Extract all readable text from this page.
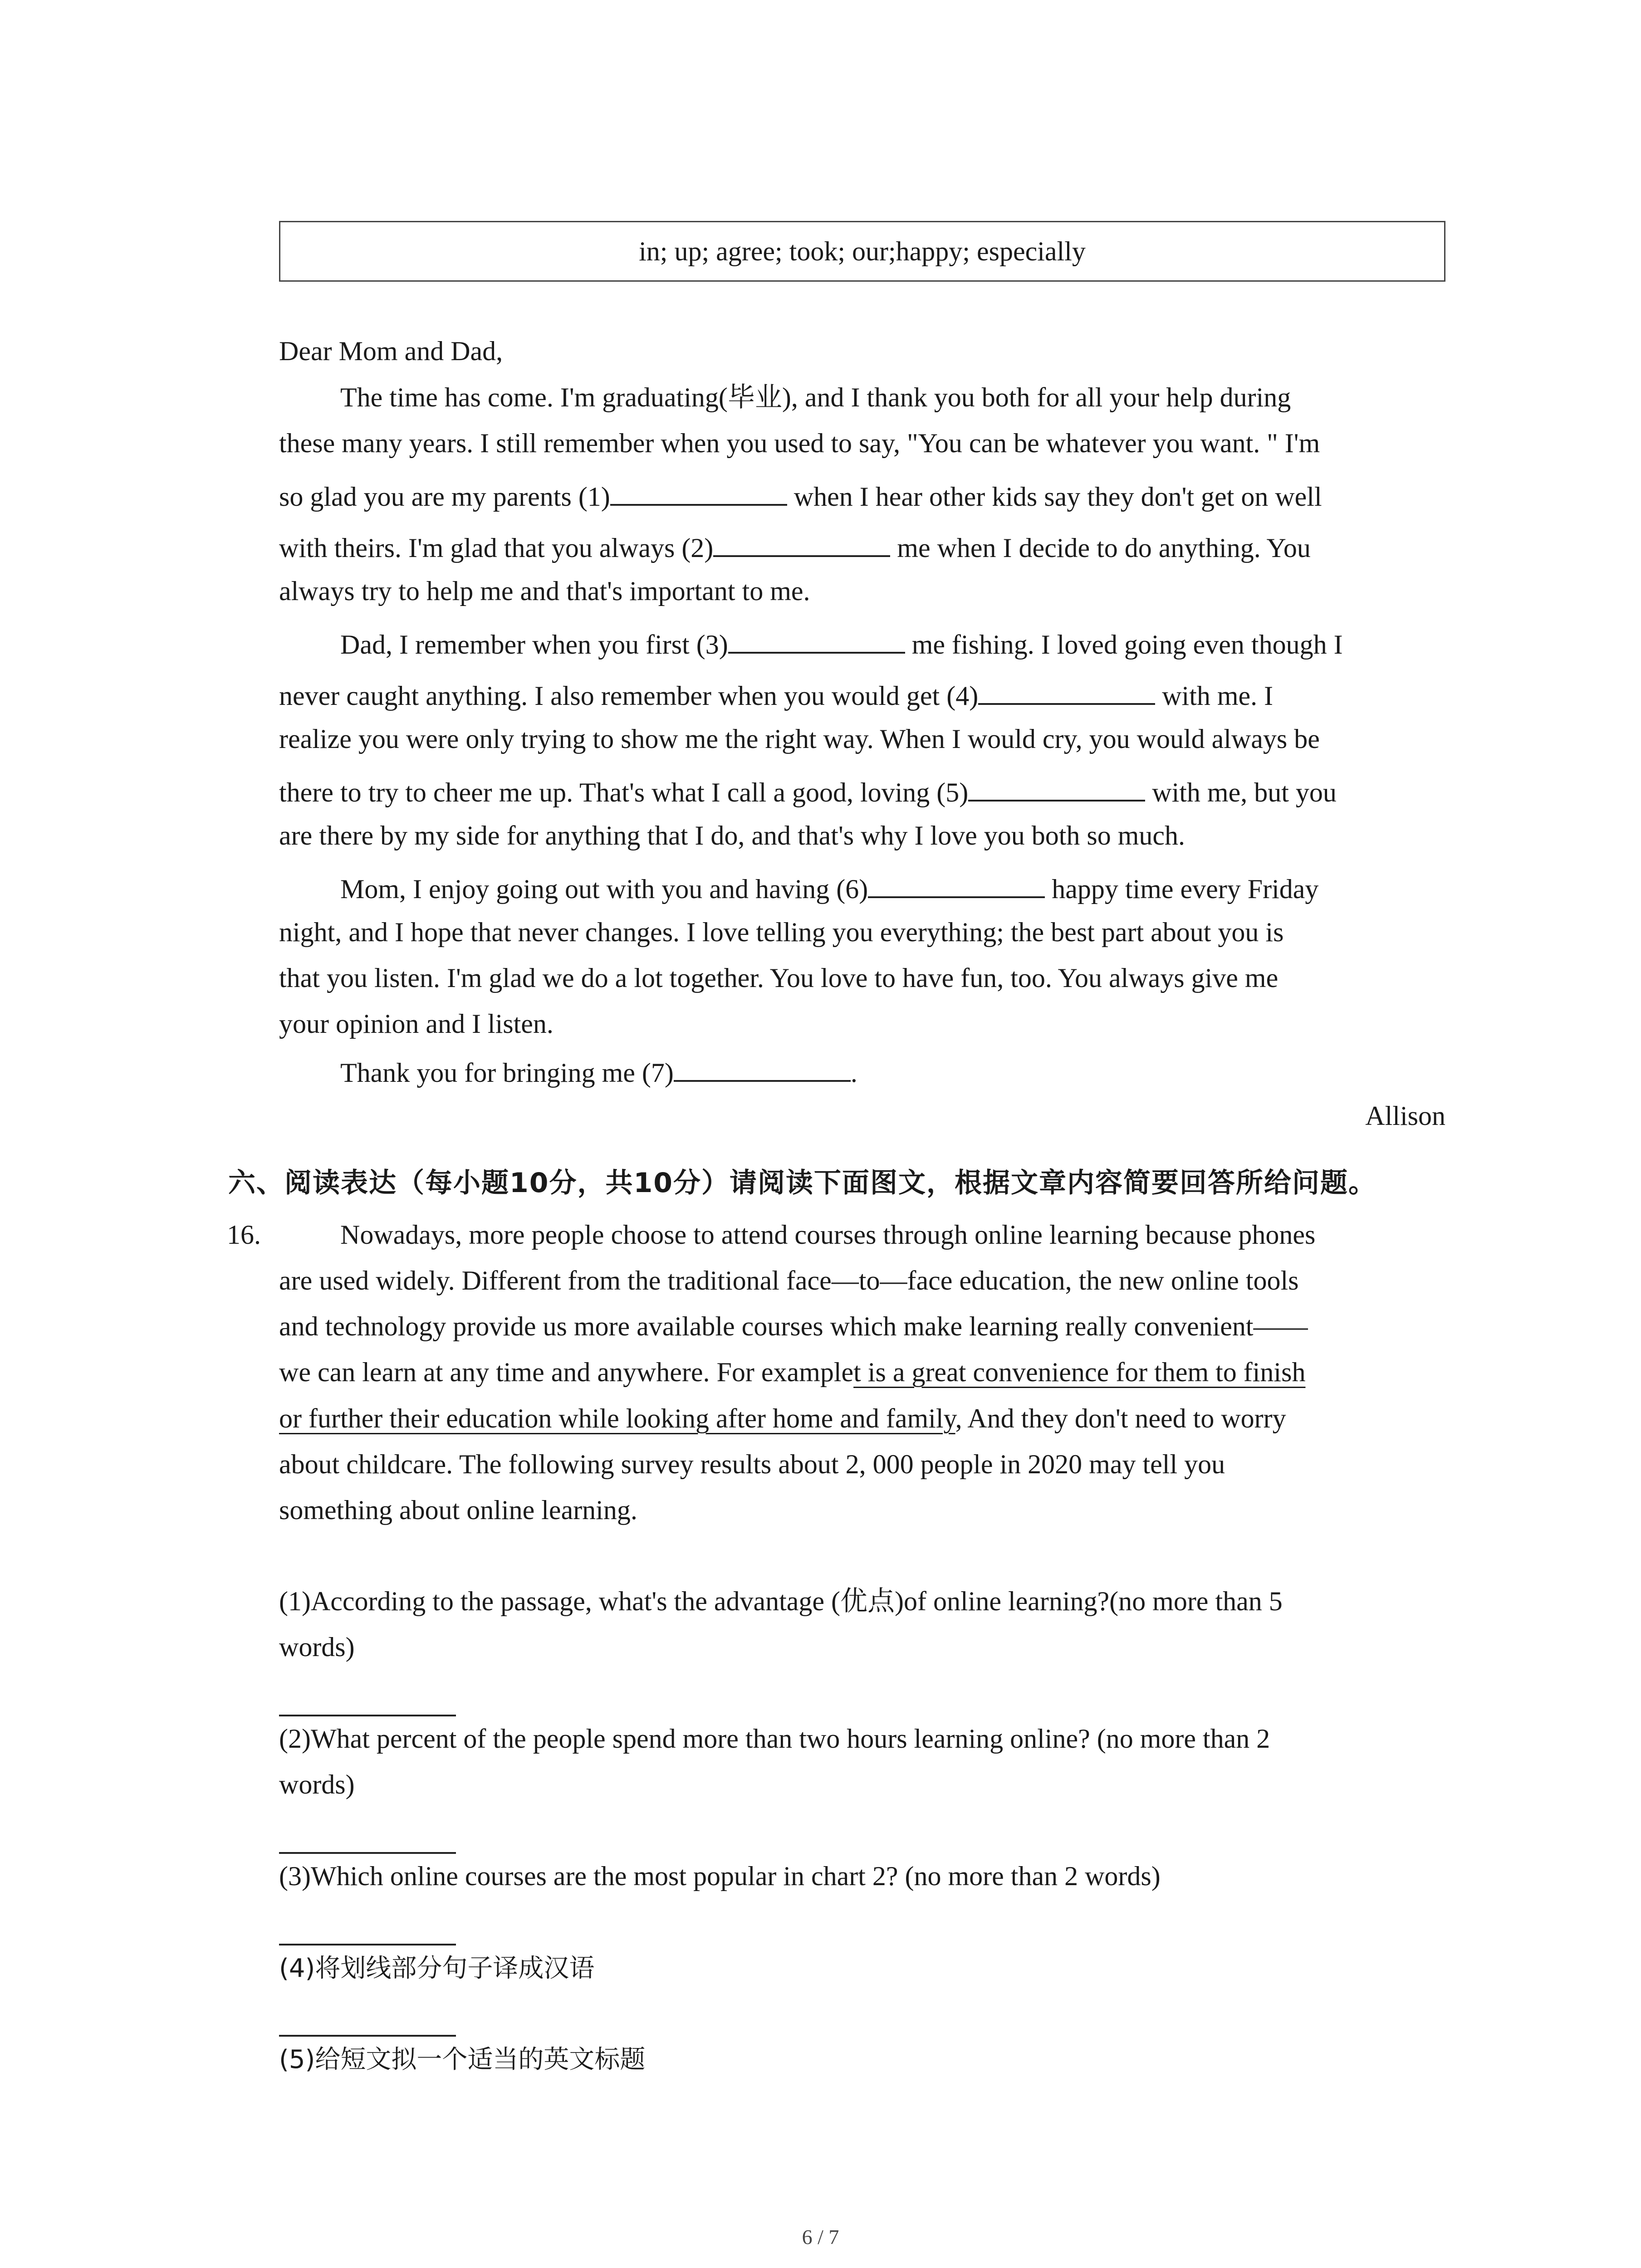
in; up; agree; took; our;happy; especially
Dear Mom and Dad,
The time has come. I'm graduating(毕业), and I thank you both for all your help during
these many years. I still remember when you used to say, "You can be whatever you want. " I'm
so glad you are my parents (1)	when I hear other kids say they don't get on well
with theirs. I'm glad that you always (2)	me when I decide to do anything. You
always try to help me and that's important to me.
Dad, I remember when you first (3)	me fishing. I loved going even though I
never caught anything. I also remember when you would get (4)	with me. I
realize you were only trying to show me the right way. When I would cry, you would always be
there to try to cheer me up. That's what I call a good, loving (5)	with me, but you
are there by my side for anything that I do, and that's why I love you both so much.
Mom, I enjoy going out with you and having (6)	happy time every Friday
night, and I hope that never changes. I love telling you everything; the best part about you is
that you listen. I'm glad we do a lot together. You love to have fun, too. You always give me
your opinion and I listen.
Thank you for bringing me (7)	.
Allison
六、阅读表达（每小题10分，共10分）请阅读下面图文，根据文章内容简要回答所给问题。
16.	Nowadays, more people choose to attend courses through online learning because phones
are used widely. Different from the traditional face—to—face education, the new online tools
and technology provide us more available courses which make learning really convenient——
we can learn at any time and anywhere. For examplet is a great convenience for them to finish
or further their education while looking after home and family, And they don't need to worry
about childcare. The following survey results about 2, 000 people in 2020 may tell you
something about online learning.
(1)According to the passage, what's the advantage (优点)of online learning?(no more than 5
words)
(2)What percent of the people spend more than two hours learning online? (no more than 2
words)
(3)Which online courses are the most popular in chart 2? (no more than 2 words)
(4)将划线部分句子译成汉语
(5)给短文拟一个适当的英文标题
6 / 7
